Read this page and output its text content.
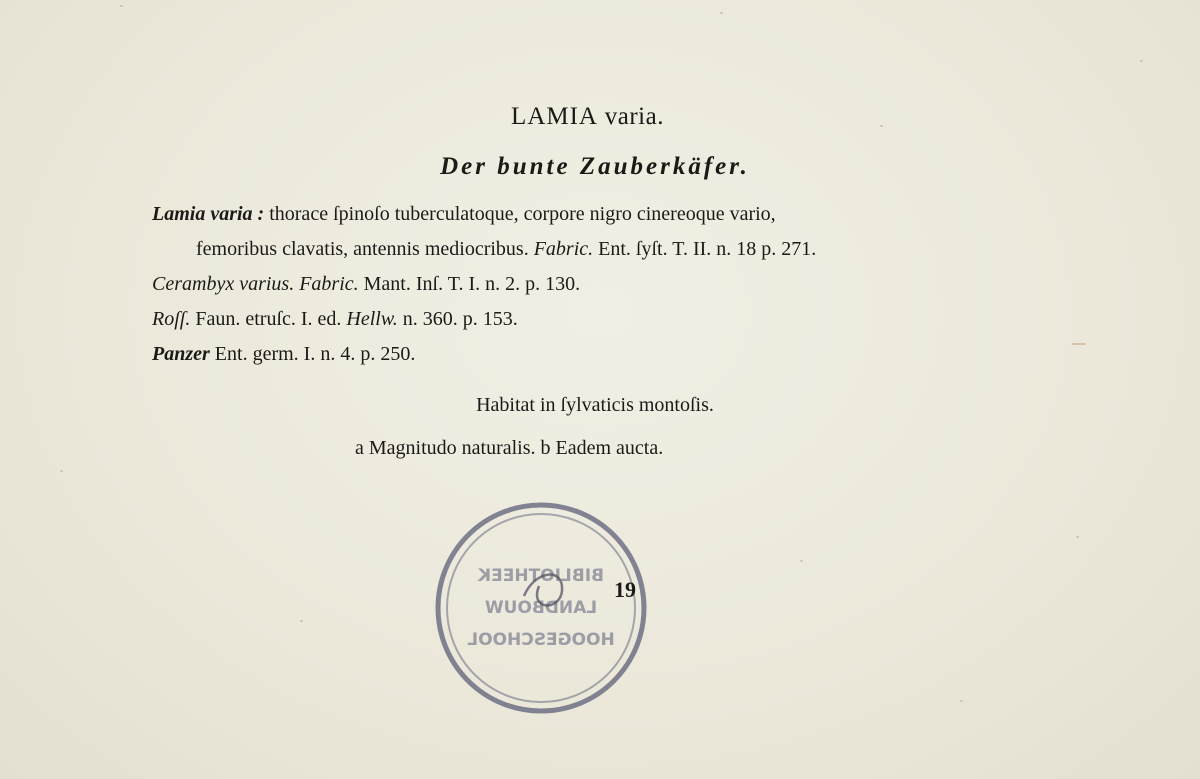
LAMIA varia.
Der bunte Zauberkäfer.
Lamia varia : thorace ſpinoſo tuberculatoque, corpore nigro cinereoque vario,
femoribus clavatis, antennis mediocribus. Fabric. Ent. ſyſt. T. II. n. 18 p. 271.
Cerambyx varius. Fabric. Mant. Inſ. T. I. n. 2. p. 130.
Roſſ. Faun. etruſc. I. ed. Hellw. n. 360. p. 153.
Panzer Ent. germ. I. n. 4. p. 250.
Habitat in ſylvaticis montoſis.
a Magnitudo naturalis. b Eadem aucta.
BIBLIOTHEEK
LANDBOUW
HOOGESCHOOL
19
